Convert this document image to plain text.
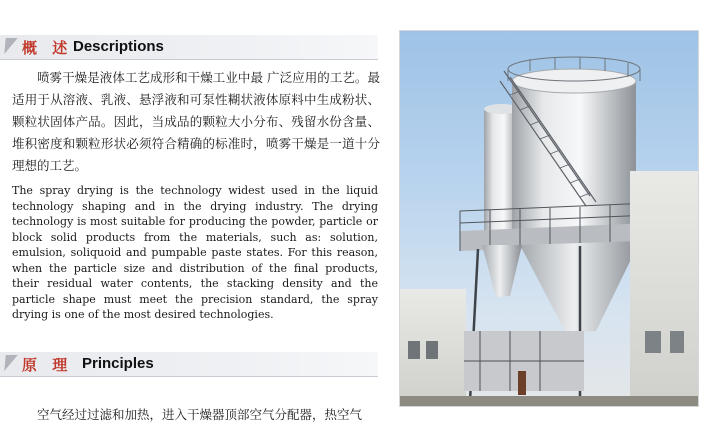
概 述 Descriptions
喷雾干燥是液体工艺成形和干燥工业中最 广泛应用的工艺。最适用于从溶液、乳液、悬浮液和可泵性糊状液体原料中生成粉状、颗粒状固体产品。因此，当成品的颗粒大小分布、残留水份含量、堆积密度和颗粒形状必须符合精确的标准时，喷雾干燥是一道十分理想的工艺。
The spray drying is the technology widest used in the liquid technology shaping and in the drying industry. The drying technology is most suitable for producing the powder, particle or block solid products from the materials, such as: solution, emulsion, soliquoid and pumpable paste states. For this reason, when the particle size and distribution of the final products, their residual water contents, the stacking density and the particle shape must meet the precision standard, the spray drying is one of the most desired technologies.
原 理 Principles
空气经过过滤和加热，进入干燥器顶部空气分配器，热空气
